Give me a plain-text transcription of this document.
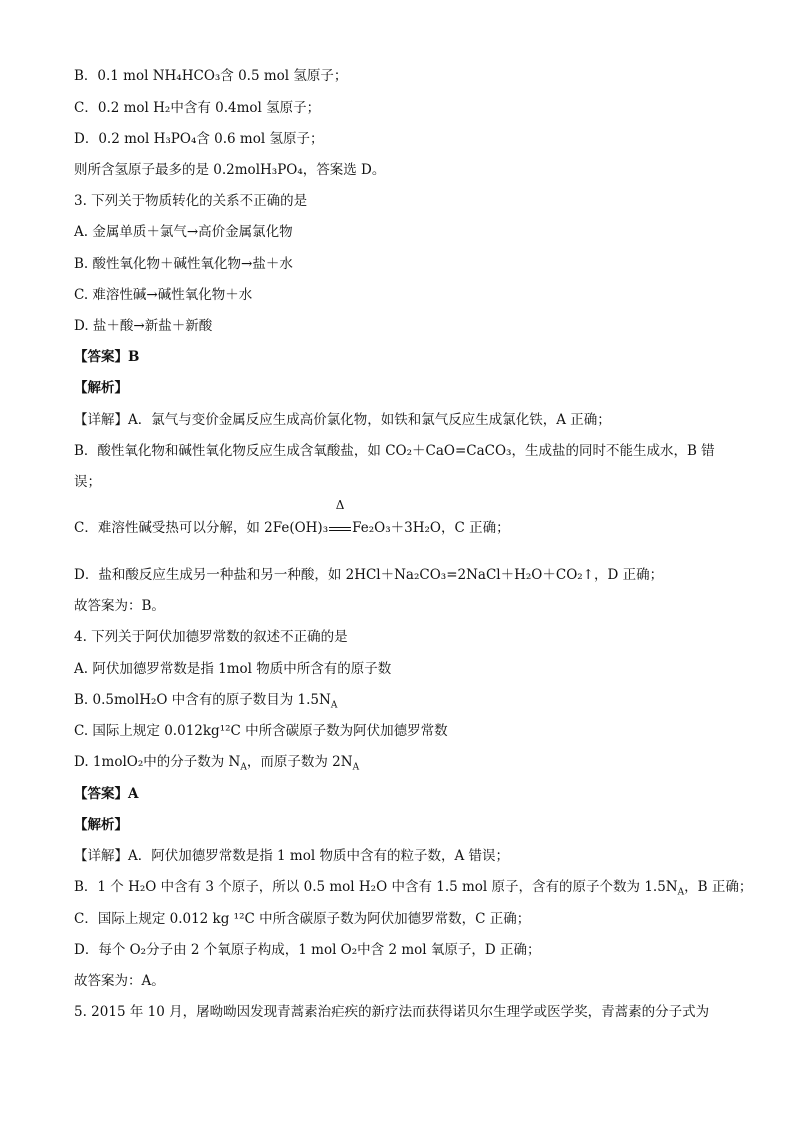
B．0.1 mol NH₄HCO₃含 0.5 mol 氢原子；
C．0.2 mol H₂中含有 0.4mol 氢原子；
D．0.2 mol H₃PO₄含 0.6 mol 氢原子；
则所含氢原子最多的是 0.2molH₃PO₄，答案选 D。
3. 下列关于物质转化的关系不正确的是
A. 金属单质＋氯气→高价金属氯化物
B. 酸性氧化物＋碱性氧化物→盐＋水
C. 难溶性碱→碱性氧化物＋水
D. 盐＋酸→新盐＋新酸
【答案】B
【解析】
【详解】A．氯气与变价金属反应生成高价氯化物，如铁和氯气反应生成氯化铁，A 正确；
B．酸性氧化物和碱性氧化物反应生成含氧酸盐，如 CO₂＋CaO=CaCO₃，生成盐的同时不能生成水，B 错
误；
C．难溶性碱受热可以分解，如 2Fe(OH)₃
Δ
Fe₂O₃＋3H₂O，C 正确；
D．盐和酸反应生成另一种盐和另一种酸，如 2HCl＋Na₂CO₃=2NaCl＋H₂O＋CO₂↑，D 正确；
故答案为：B。
4. 下列关于阿伏加德罗常数的叙述不正确的是
A. 阿伏加德罗常数是指 1mol 物质中所含有的原子数
B. 0.5molH₂O 中含有的原子数目为 $1.5N_A$
C. 国际上规定 0.012kg¹²C 中所含碳原子数为阿伏加德罗常数
D. 1molO₂中的分子数为 $N_A$，而原子数为 $2N_A$
【答案】A
【解析】
【详解】A．阿伏加德罗常数是指 1 mol 物质中含有的粒子数，A 错误；
B．1 个 H₂O 中含有 3 个原子，所以 0.5 mol H₂O 中含有 1.5 mol 原子，含有的原子个数为 $1.5N_A$，B 正确；
C．国际上规定 0.012 kg ¹²C 中所含碳原子数为阿伏加德罗常数，C 正确；
D．每个 O₂分子由 2 个氧原子构成，1 mol O₂中含 2 mol 氧原子，D 正确；
故答案为：A。
5. 2015 年 10 月，屠呦呦因发现青蒿素治疟疾的新疗法而获得诺贝尔生理学或医学奖，青蒿素的分子式为
